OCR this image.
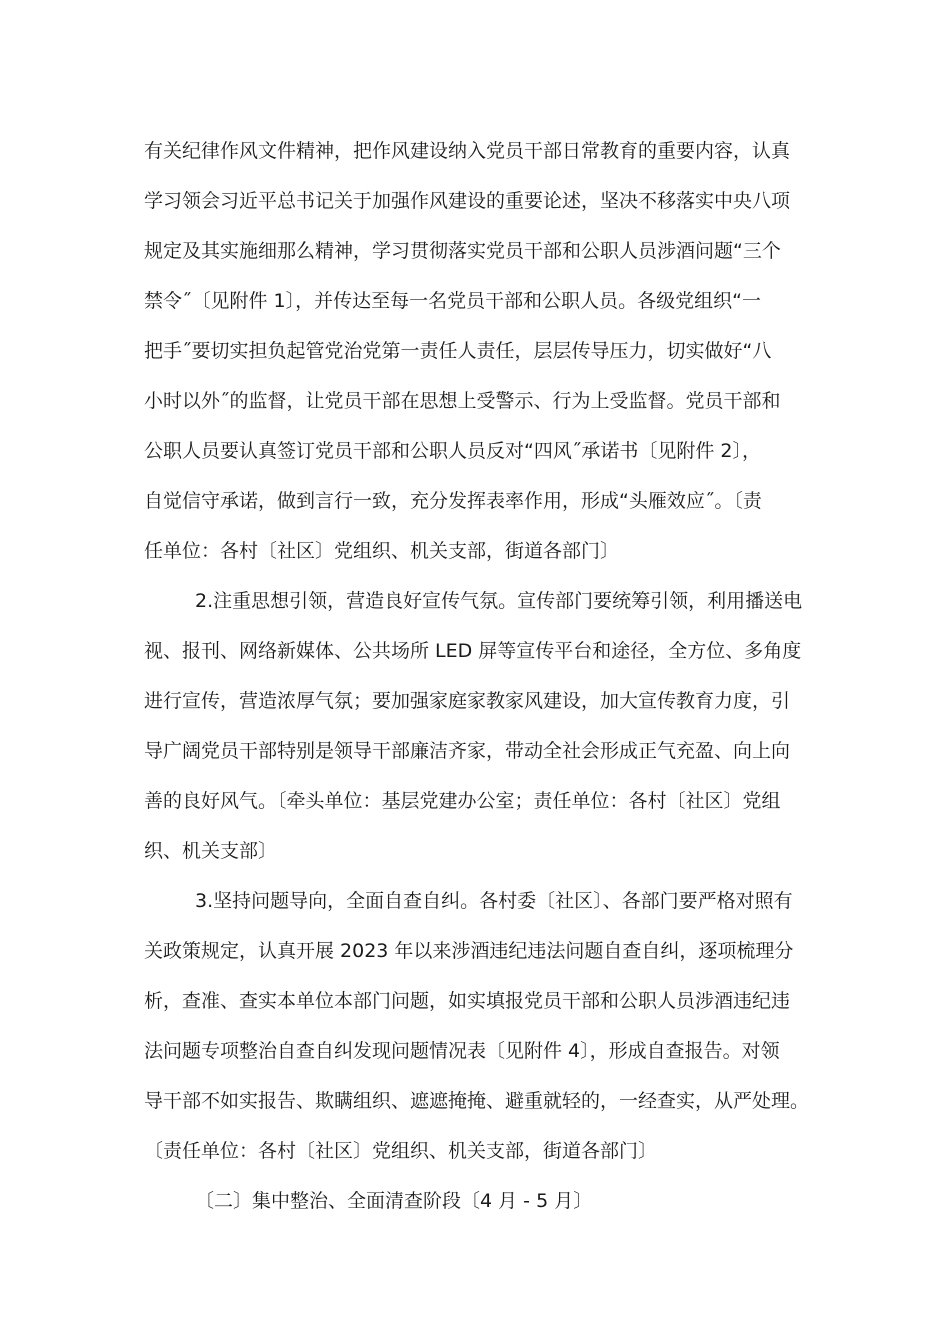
有关纪律作风文件精神，把作风建设纳入党员干部日常教育的重要内容，认真
学习领会习近平总书记关于加强作风建设的重要论述，坚决不移落实中央八项
规定及其实施细那么精神，学习贯彻落实党员干部和公职人员涉酒问题“三个
禁令˝〔见附件 1〕，并传达至每一名党员干部和公职人员。各级党组织“一
把手˝要切实担负起管党治党第一责任人责任，层层传导压力，切实做好“八
小时以外˝的监督，让党员干部在思想上受警示、行为上受监督。党员干部和
公职人员要认真签订党员干部和公职人员反对“四风˝承诺书〔见附件 2〕，
自觉信守承诺，做到言行一致，充分发挥表率作用，形成“头雁效应˝。〔责
任单位：各村〔社区〕党组织、机关支部，街道各部门〕
2.注重思想引领，营造良好宣传气氛。宣传部门要统筹引领，利用播送电
视、报刊、网络新媒体、公共场所 LED 屏等宣传平台和途径，全方位、多角度
进行宣传，营造浓厚气氛；要加强家庭家教家风建设，加大宣传教育力度，引
导广阔党员干部特别是领导干部廉洁齐家，带动全社会形成正气充盈、向上向
善的良好风气。〔牵头单位：基层党建办公室；责任单位：各村〔社区〕党组
织、机关支部〕
3.坚持问题导向，全面自查自纠。各村委〔社区〕、各部门要严格对照有
关政策规定，认真开展 2023 年以来涉酒违纪违法问题自查自纠，逐项梳理分
析，查准、查实本单位本部门问题，如实填报党员干部和公职人员涉酒违纪违
法问题专项整治自查自纠发现问题情况表〔见附件 4〕，形成自查报告。对领
导干部不如实报告、欺瞒组织、遮遮掩掩、避重就轻的，一经查实，从严处理。
〔责任单位：各村〔社区〕党组织、机关支部，街道各部门〕
〔二〕集中整治、全面清查阶段〔4 月 - 5 月〕
